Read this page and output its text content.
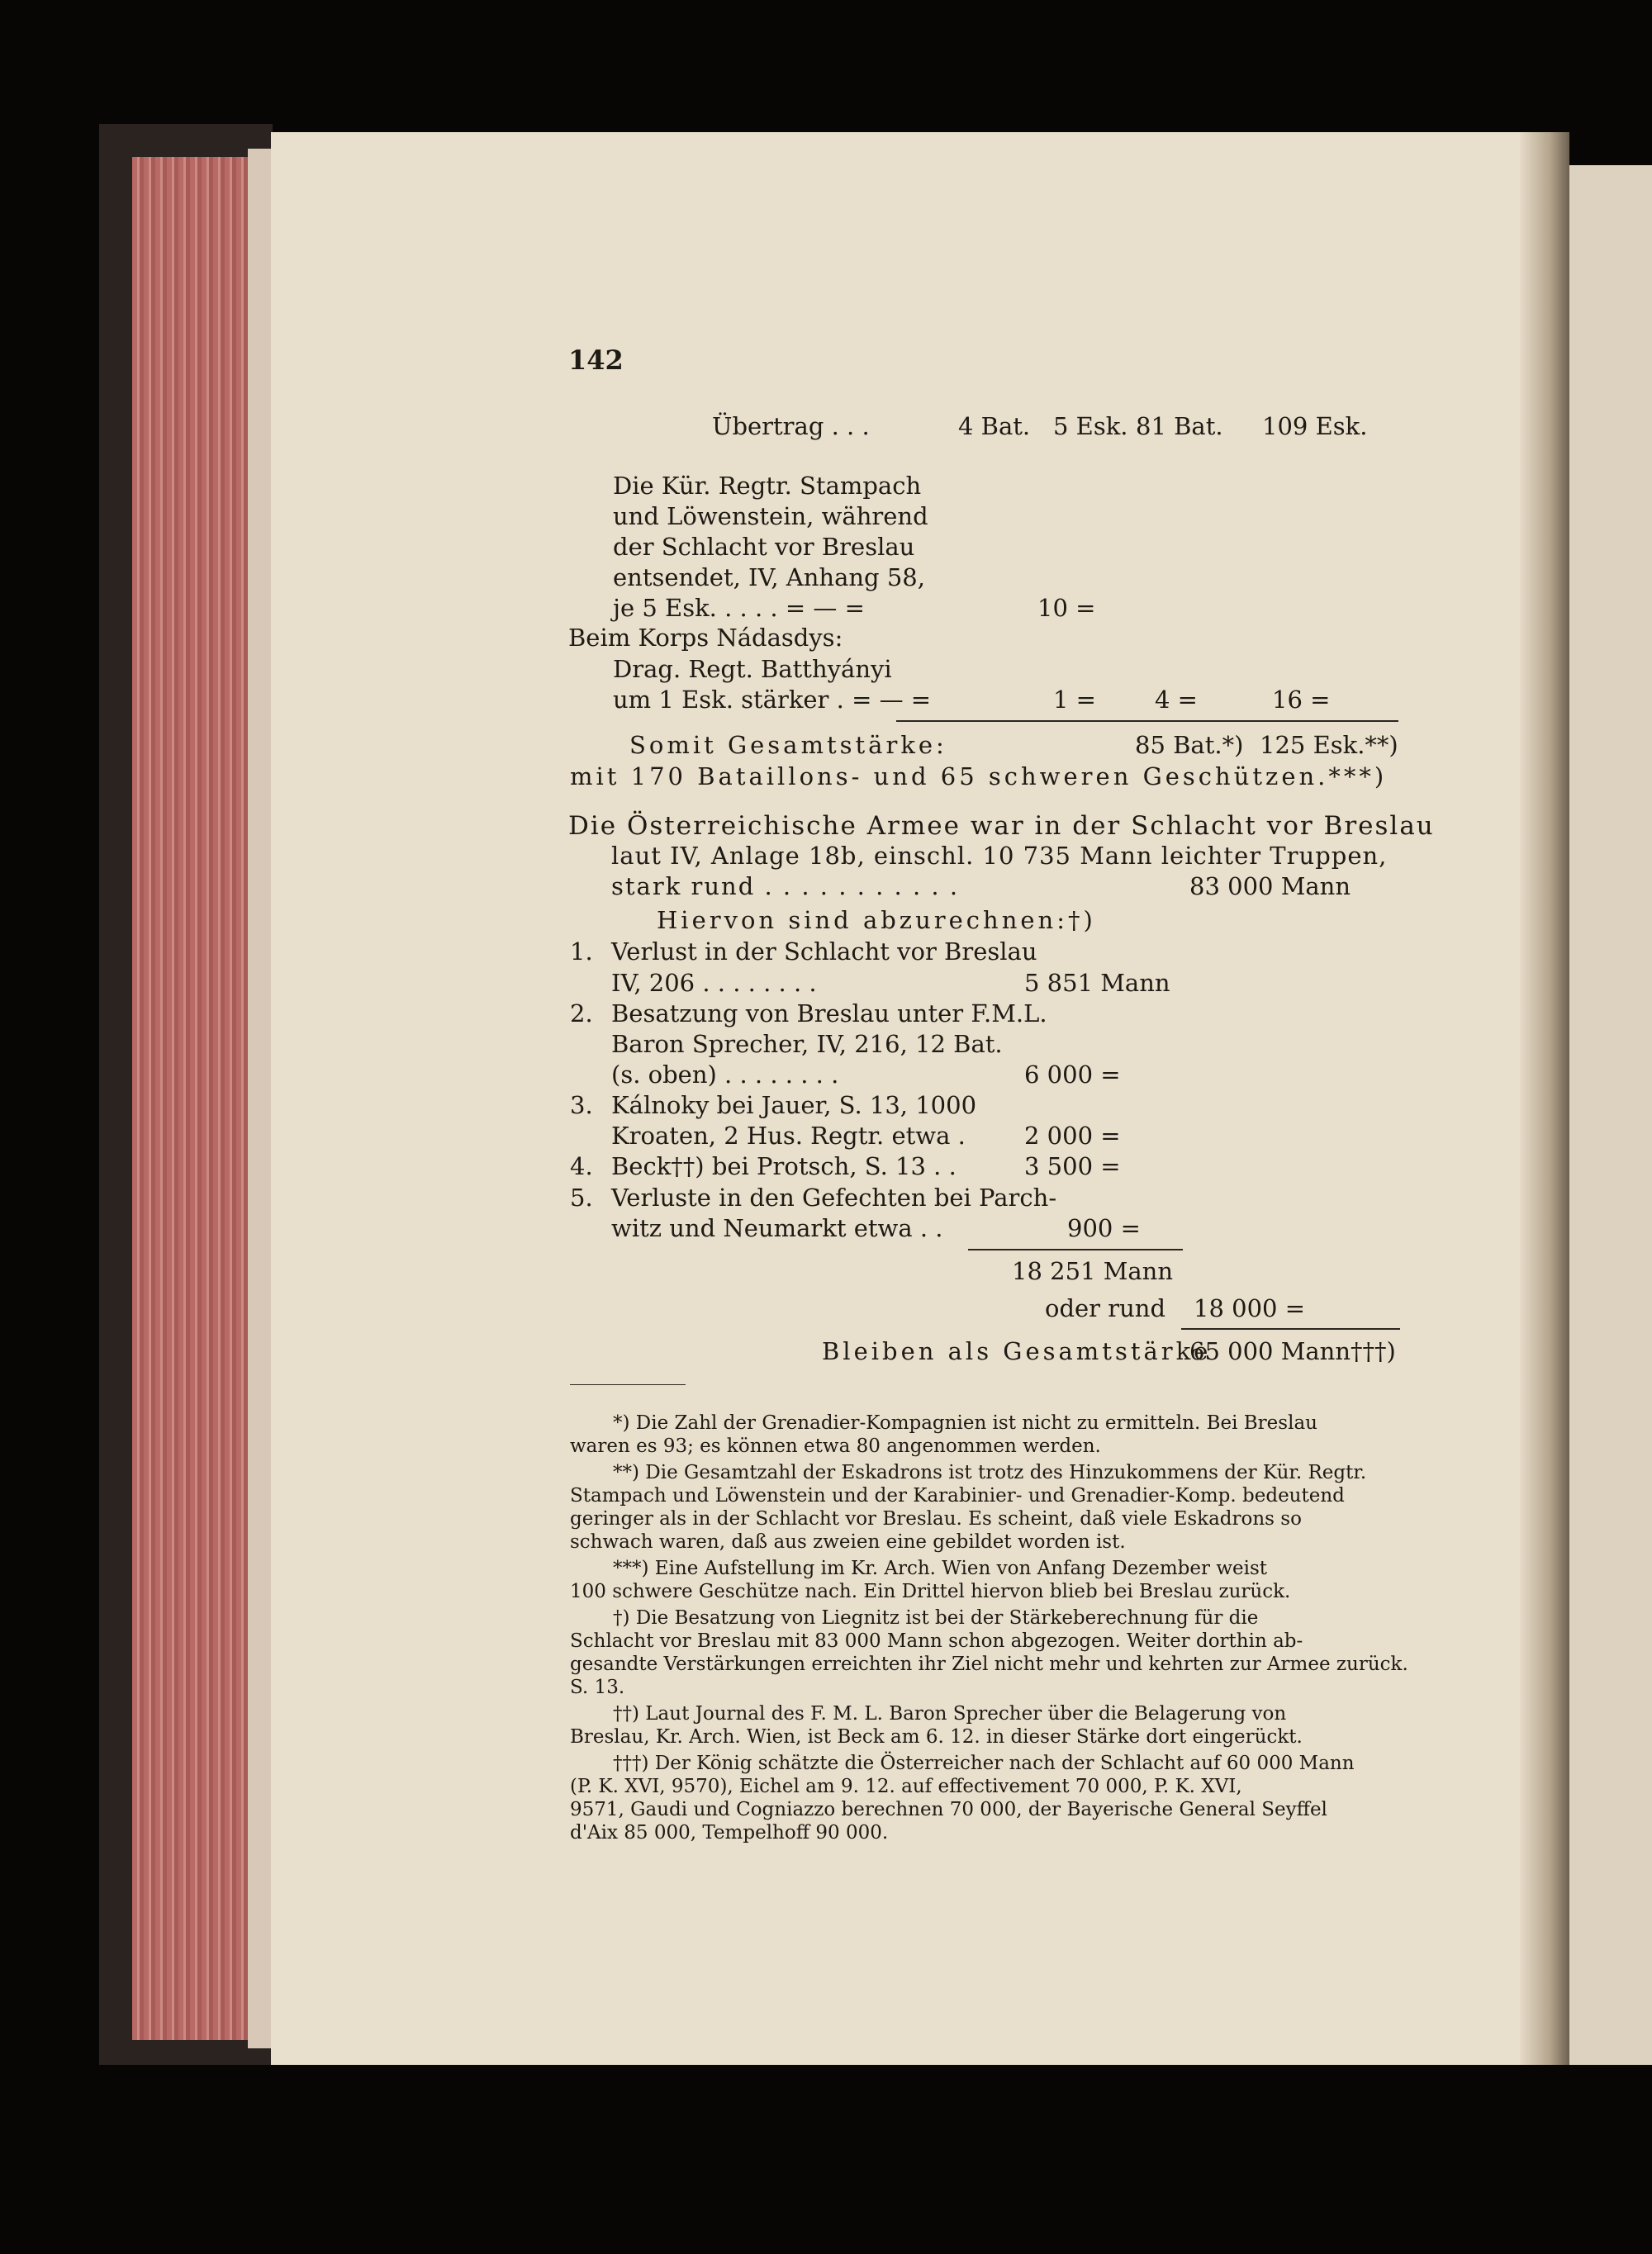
142
Übertrag . . .	4 Bat. 5 Esk. 81 Bat. 109 Esk.
Die Kür. Regtr. Stampach
und Löwenstein, während
der Schlacht vor Breslau
entsendet, IV, Anhang 58,
je 5 Esk. . . . . = — =	10 =
Beim Korps Nádasdys:
Drag. Regt. Batthyányi
um 1 Esk. stärker . = — =	1 = 4 =	16 =
Somit Gesamtstärke:	85 Bat.*) 125 Esk.**)
mit 170 Bataillons- und 65 schweren Geschützen.***)
Die Österreichische Armee war in der Schlacht vor Breslau
laut IV, Anlage 18b, einschl. 10 735 Mann leichter Truppen,
stark rund . . . . . . . . . . .	83 000 Mann
Hiervon sind abzurechnen:†)
1. Verlust in der Schlacht vor Breslau
IV, 206 . . . . . . . .	5 851 Mann
2. Besatzung von Breslau unter F.M.L.
Baron Sprecher, IV, 216, 12 Bat.
(s. oben) . . . . . . . .	6 000 =
3. Kálnoky bei Jauer, S. 13, 1000
Kroaten, 2 Hus. Regtr. etwa . 2 000 =
4. Beck††) bei Protsch, S. 13 . .	3 500 =
5. Verluste in den Gefechten bei Parch-
witz und Neumarkt etwa . .	900 =
18 251 Mann
oder rund 18 000 =
Bleiben als Gesamtstärke
65 000 Mann†††)
*) Die Zahl der Grenadier-Kompagnien ist nicht zu ermitteln. Bei Breslau
waren es 93; es können etwa 80 angenommen werden.
**) Die Gesamtzahl der Eskadrons ist trotz des Hinzukommens der Kür. Regtr.
Stampach und Löwenstein und der Karabinier- und Grenadier-Komp. bedeutend
geringer als in der Schlacht vor Breslau. Es scheint, daß viele Eskadrons so
schwach waren, daß aus zweien eine gebildet worden ist.
***) Eine Aufstellung im Kr. Arch. Wien von Anfang Dezember weist
100 schwere Geschütze nach. Ein Drittel hiervon blieb bei Breslau zurück.
†) Die Besatzung von Liegnitz ist bei der Stärkeberechnung für die
Schlacht vor Breslau mit 83 000 Mann schon abgezogen. Weiter dorthin ab-
gesandte Verstärkungen erreichten ihr Ziel nicht mehr und kehrten zur Armee zurück.
S. 13.
††) Laut Journal des F. M. L. Baron Sprecher über die Belagerung von
Breslau, Kr. Arch. Wien, ist Beck am 6. 12. in dieser Stärke dort eingerückt.
†††) Der König schätzte die Österreicher nach der Schlacht auf 60 000 Mann
(P. K. XVI, 9570), Eichel am 9. 12. auf effectivement 70 000, P. K. XVI,
9571, Gaudi und Cogniazzo berechnen 70 000, der Bayerische General Seyffel
d'Aix 85 000, Tempelhoff 90 000.
